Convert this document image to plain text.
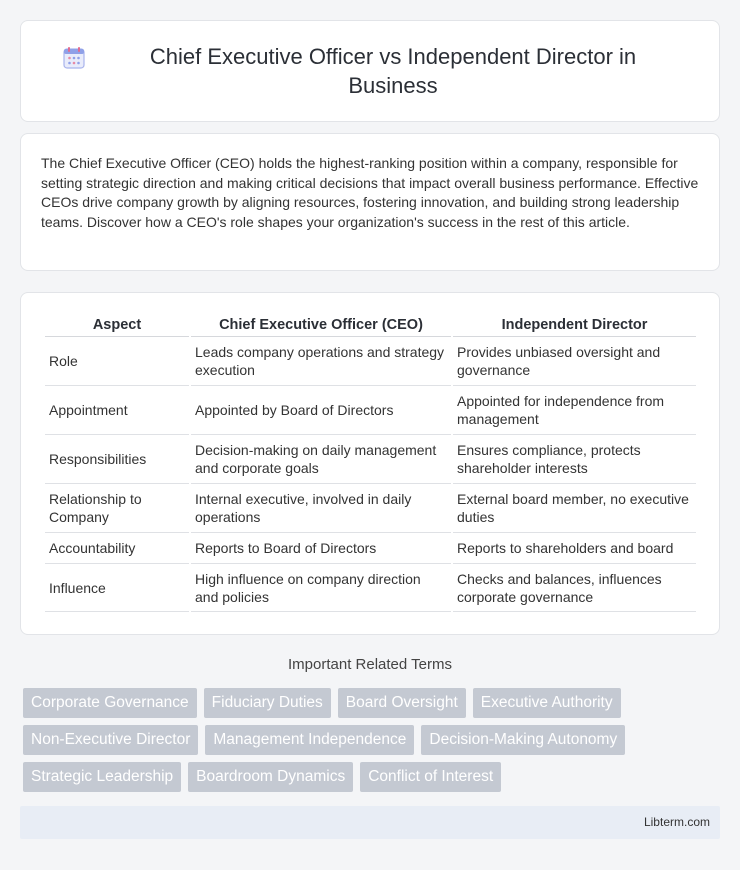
Chief Executive Officer vs Independent Director in Business

The Chief Executive Officer (CEO) holds the highest-ranking position within a company, responsible for setting strategic direction and making critical decisions that impact overall business performance. Effective CEOs drive company growth by aligning resources, fostering innovation, and building strong leadership teams. Discover how a CEO's role shapes your organization's success in the rest of this article.

Aspect	Chief Executive Officer (CEO)	Independent Director
Role	Leads company operations and strategy execution	Provides unbiased oversight and governance
Appointment	Appointed by Board of Directors	Appointed for independence from management
Responsibilities	Decision-making on daily management and corporate goals	Ensures compliance, protects shareholder interests
Relationship to Company	Internal executive, involved in daily operations	External board member, no executive duties
Accountability	Reports to Board of Directors	Reports to shareholders and board
Influence	High influence on company direction and policies	Checks and balances, influences corporate governance
Important Related Terms
Corporate Governance	Fiduciary Duties	Board Oversight	Executive Authority
Non-Executive Director	Management Independence	Decision-Making Autonomy
Strategic Leadership	Boardroom Dynamics	Conflict of Interest
Libterm.com
